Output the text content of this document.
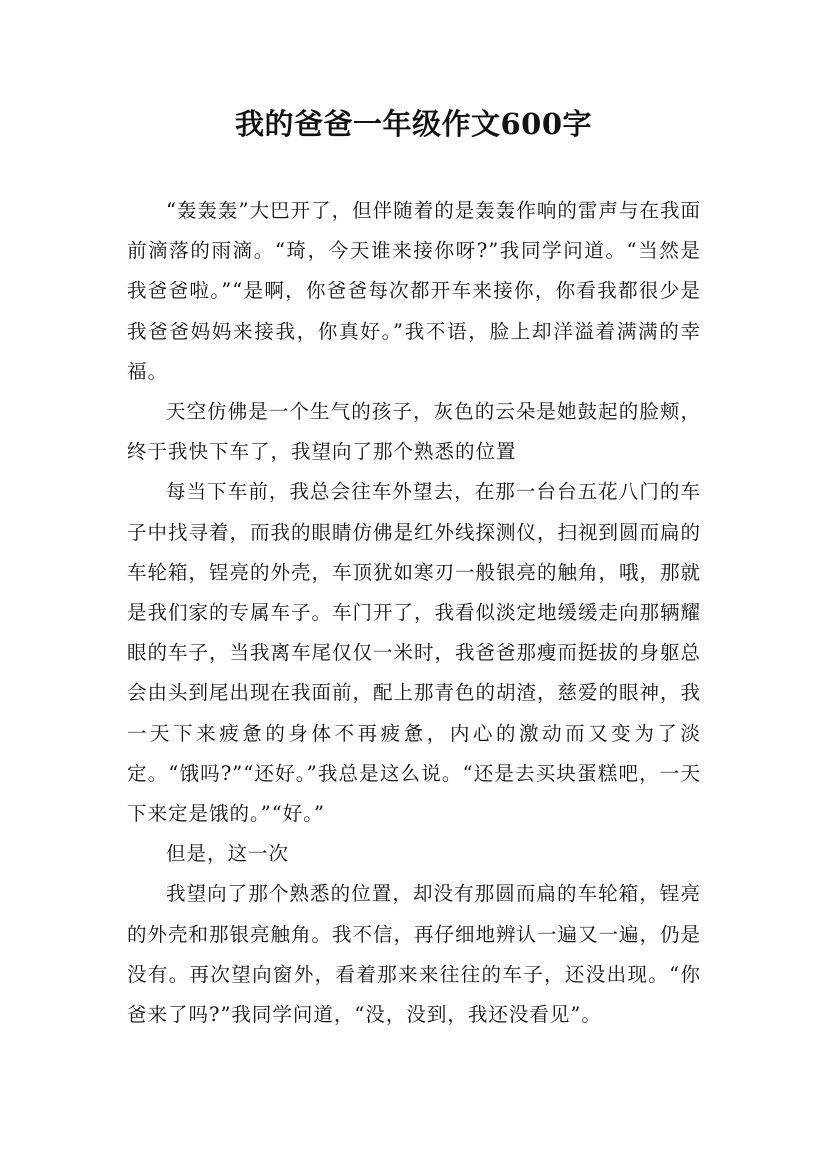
我的爸爸一年级作文600字

“轰轰轰”大巴开了，但伴随着的是轰轰作响的雷声与在我面前滴落的雨滴。“琦，今天谁来接你呀?”我同学问道。“当然是我爸爸啦。”“是啊，你爸爸每次都开车来接你，你看我都很少是我爸爸妈妈来接我，你真好。”我不语，脸上却洋溢着满满的幸福。

天空仿佛是一个生气的孩子，灰色的云朵是她鼓起的脸颊，终于我快下车了，我望向了那个熟悉的位置

每当下车前，我总会往车外望去，在那一台台五花八门的车子中找寻着，而我的眼睛仿佛是红外线探测仪，扫视到圆而扁的车轮箱，锃亮的外壳，车顶犹如寒刃一般银亮的触角，哦，那就是我们家的专属车子。车门开了，我看似淡定地缓缓走向那辆耀眼的车子，当我离车尾仅仅一米时，我爸爸那瘦而挺拔的身躯总会由头到尾出现在我面前，配上那青色的胡渣，慈爱的眼神，我一天下来疲惫的身体不再疲惫，内心的激动而又变为了淡定。“饿吗?”“还好。”我总是这么说。“还是去买块蛋糕吧，一天下来定是饿的。”“好。”

但是，这一次

我望向了那个熟悉的位置，却没有那圆而扁的车轮箱，锃亮的外壳和那银亮触角。我不信，再仔细地辨认一遍又一遍，仍是没有。再次望向窗外，看着那来来往往的车子，还没出现。“你爸来了吗?”我同学问道，“没，没到，我还没看见”。
